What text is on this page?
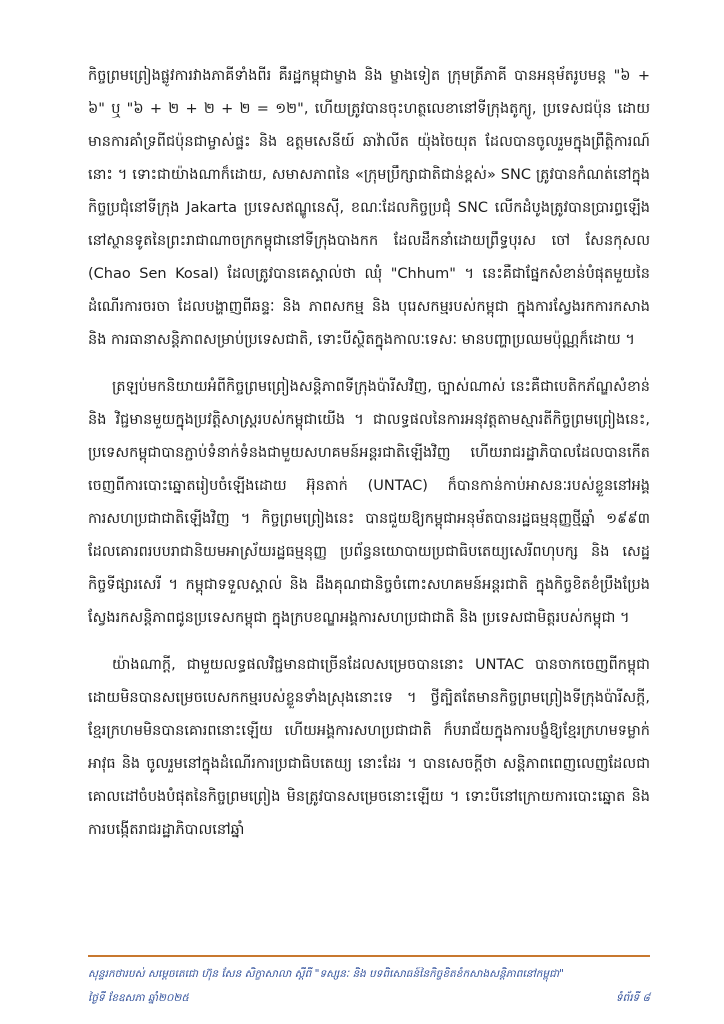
កិច្ចព្រមព្រៀងផ្លូវការវាងភាគីទាំងពីរ គឺរដ្ឋកម្ពុជាម្ខាង និង ម្ខាងទៀត ក្រុមត្រីភាគី បានអនុម័តរូបមន្ត "៦ + ៦" ឬ "៦ + ២ + ២ + ២ = ១២", ហើយត្រូវបានចុះហត្ថលេខានៅទីក្រុងតូក្យូ, ប្រទេសជប៉ុន ដោយមានការគាំទ្រពីជប៉ុនជាម្ចាស់ផ្ទះ និង ឧត្តមសេនីយ៍ ឆាវ៉ាលីត យ៉ុងចៃយុត ដែលបានចូលរួមក្នុងព្រឹត្តិការណ៍នោះ ។ ទោះជាយ៉ាងណាក៏ដោយ, សមាសភាពនៃ «ក្រុមប្រឹក្សាជាតិជាន់ខ្ពស់» SNC ត្រូវបានកំណត់នៅក្នុងកិច្ចប្រជុំនៅទីក្រុង Jakarta ប្រទេសឥណ្ឌូនេស៊ី, ខណៈដែលកិច្ចប្រជុំ SNC លើកដំបូងត្រូវបានប្រារព្ធឡើងនៅស្ថានទូតនៃព្រះរាជាណាចក្រកម្ពុជានៅទីក្រុងបាងកក ដែលដឹកនាំដោយព្រឹទ្ធបុរស ចៅ សែនកុសល (Chao Sen Kosal) ដែលត្រូវបានគេស្គាល់ថា ឈុំ "Chhum" ។ នេះគឺជាផ្នែកសំខាន់បំផុតមួយនៃដំណើរការចរចា ដែលបង្ហាញពីឆន្ទៈ និង ភាពសកម្ម និង បុរេសកម្មរបស់កម្ពុជា ក្នុងការស្វែងរកការកសាង និង ការធានាសន្តិភាពសម្រាប់ប្រទេសជាតិ, ទោះបីស្ថិតក្នុងកាលៈទេសៈ មានបញ្ហាប្រឈមប៉ុណ្ណក៏ដោយ ។

ត្រឡប់មកនិយាយអំពីកិច្ចព្រមព្រៀងសន្តិភាពទីក្រុងប៉ារីសវិញ, ច្បាស់ណាស់ នេះគឺជាបេតិកភ័ណ្ឌសំខាន់ និង វិជ្ជមានមួយក្នុងប្រវត្តិសាស្ត្ររបស់កម្ពុជាយើង ។ ជាលទ្ធផលនៃការអនុវត្តតាមស្មារតីកិច្ចព្រមព្រៀងនេះ, ប្រទេសកម្ពុជាបានភ្ជាប់ទំនាក់ទំនងជាមួយសហគមន៍អន្តរជាតិឡើងវិញ ហើយរាជរដ្ឋាភិបាលដែលបានកើតចេញពីការបោះឆ្នោតរៀបចំឡើងដោយ អ៊ុនតាក់ (UNTAC) ក៏បានកាន់កាប់អាសនៈរបស់ខ្លួននៅអង្គការសហប្រជាជាតិឡើងវិញ ។ កិច្ចព្រមព្រៀងនេះ បានជួយឱ្យកម្ពុជាអនុម័តបានរដ្ឋធម្មនុញ្ញថ្មីឆ្នាំ ១៩៩៣ ដែលគោរពរបបរាជានិយមអាស្រ័យរដ្ឋធម្មនុញ្ញ ប្រព័ន្ធនយោបាយប្រជាធិបតេយ្យសេរីពហុបក្ស និង សេដ្ឋកិច្ចទីផ្សារសេរី ។ កម្ពុជាទទួលស្គាល់ និង ដឹងគុណជានិច្ចចំពោះសហគមន៍អន្តរជាតិ ក្នុងកិច្ចខិតខំប្រឹងប្រែងស្វែងរកសន្តិភាពជូនប្រទេសកម្ពុជា ក្នុងក្របខណ្ឌអង្គការសហប្រជាជាតិ និង ប្រទេសជាមិត្តរបស់កម្ពុជា ។

យ៉ាងណាក្តី, ជាមួយលទ្ធផលវិជ្ជមានជាច្រើនដែលសម្រេចបាននោះ UNTAC បានចាកចេញពីកម្ពុជា ដោយមិនបានសម្រេចបេសកកម្មរបស់ខ្លួនទាំងស្រុងនោះទេ ។ ថ្វីត្បិតតែមានកិច្ចព្រមព្រៀងទីក្រុងប៉ារីសក្តី, ខ្មែរក្រហមមិនបានគោរពនោះឡើយ ហើយអង្គការសហប្រជាជាតិ ក៏បរាជ័យក្នុងការបង្ខំឱ្យខ្មែរក្រហមទម្លាក់អាវុធ និង ចូលរួមនៅក្នុងដំណើរការប្រជាធិបតេយ្យ នោះដែរ ។ បានសេចក្តីថា សន្តិភាពពេញលេញដែលជាគោលដៅចំបងបំផុតនៃកិច្ចព្រមព្រៀង មិនត្រូវបានសម្រេចនោះឡើយ ។ ទោះបីនៅក្រោយការបោះឆ្នោត និងការបង្កើតរាជរដ្ឋាភិបាលនៅឆ្នាំ

សុន្ទរកថារបស់ សម្តេចតេជោ ហ៊ុន សែន សិក្ខាសាលា ស្តីពី "ទស្សនៈ និង បទពិសោធន៍នៃកិច្ចខិតខំកសាងសន្តិភាពនៅកម្ពុជា"
ថ្ងៃទី ខែឧសភា ឆ្នាំ២០២៥	ទំព័រទី ៨
